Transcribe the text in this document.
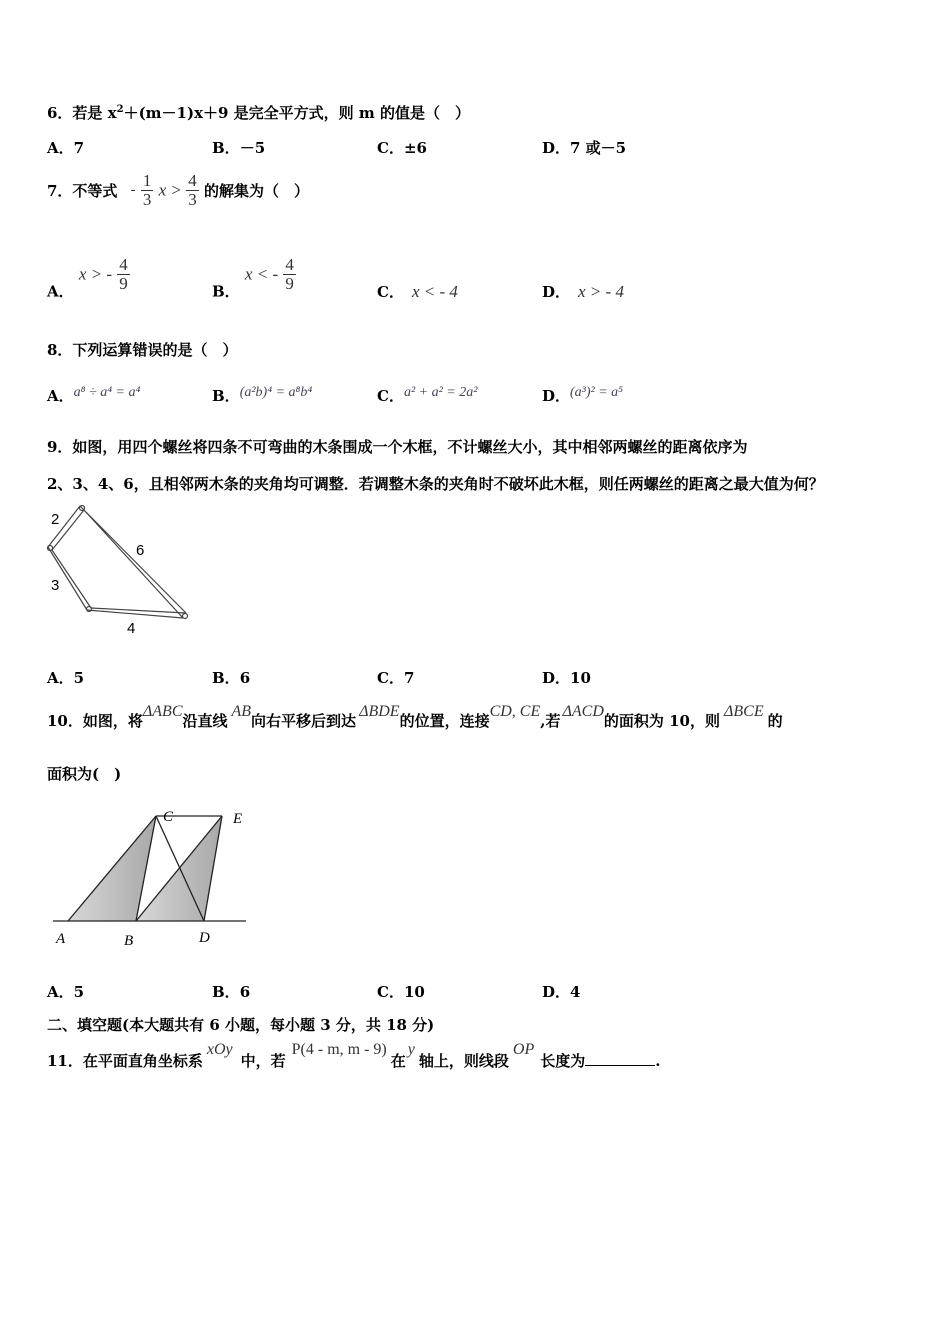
6．若是 $x^2+(m-1)x+9$ 是完全平方式，则 m 的值是（　）
A．7	B．－5	C．±6	D．7 或－5
7．不等式 - $\frac{1}{3}$ $x > \frac{4}{3}$ 的解集为（　）
A． x > - $\frac{4}{9}$	B． x < - $\frac{4}{9}$	C． x < - 4	D． x > - 4
8．下列运算错误的是（　）
A．a⁸ ÷ a⁴ = a⁴	B．(a²b)⁴ = a⁸b⁴	C．a² + a² = 2a²	D．(a³)² = a⁵
9．如图，用四个螺丝将四条不可弯曲的木条围成一个木框，不计螺丝大小，其中相邻两螺丝的距离依序为
2、3、4、6，且相邻两木条的夹角均可调整．若调整木条的夹角时不破坏此木框，则任两螺丝的距离之最大值为何？
2
6
3
4
A．5	B．6	C．7	D．10
10．如图，将ΔABC沿直线AB向右平移后到达ΔBDE的位置，连接CD, CE,若ΔACD的面积为 10，则ΔBCE的
面积为(　)
C	E
A	B	D
A．5	B．6	C．10	D．4
二、填空题(本大题共有 6 小题，每小题 3 分，共 18 分)
11．在平面直角坐标系xOy中，若P(4 - m, m - 9)在y轴上，则线段OP长度为	.
